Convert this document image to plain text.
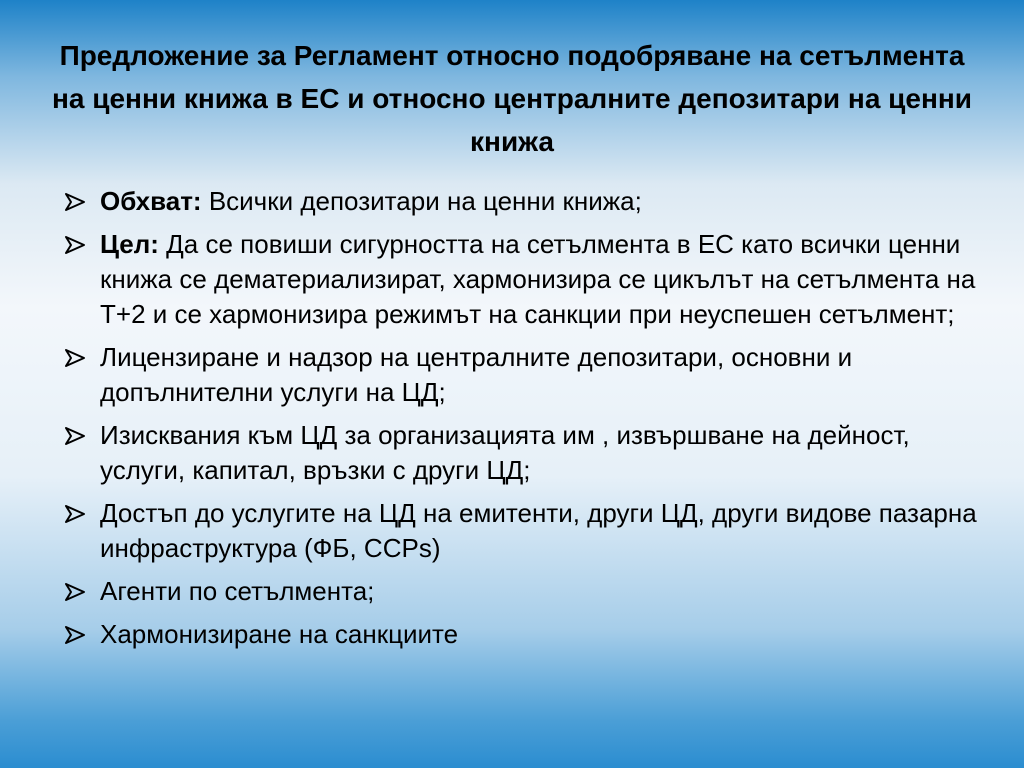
Предложение за Регламент относно подобряване на сетълмента на ценни книжа в ЕС и относно централните депозитари на ценни книжа
Обхват: Всички депозитари на ценни книжа;
Цел: Да се повиши сигурността на сетълмента в ЕС като всички ценни книжа се дематериализират, хармонизира се цикълът на сетълмента на Т+2 и се хармонизира режимът на санкции при неуспешен сетълмент;
Лицензиране и надзор на централните депозитари, основни и допълнителни услуги на ЦД;
Изисквания към ЦД за организацията им , извършване на дейност, услуги, капитал, връзки с други ЦД;
Достъп до услугите на ЦД на емитенти, други ЦД, други видове пазарна инфраструктура (ФБ, CCPs)
Агенти по сетълмента;
Хармонизиране на санкциите
